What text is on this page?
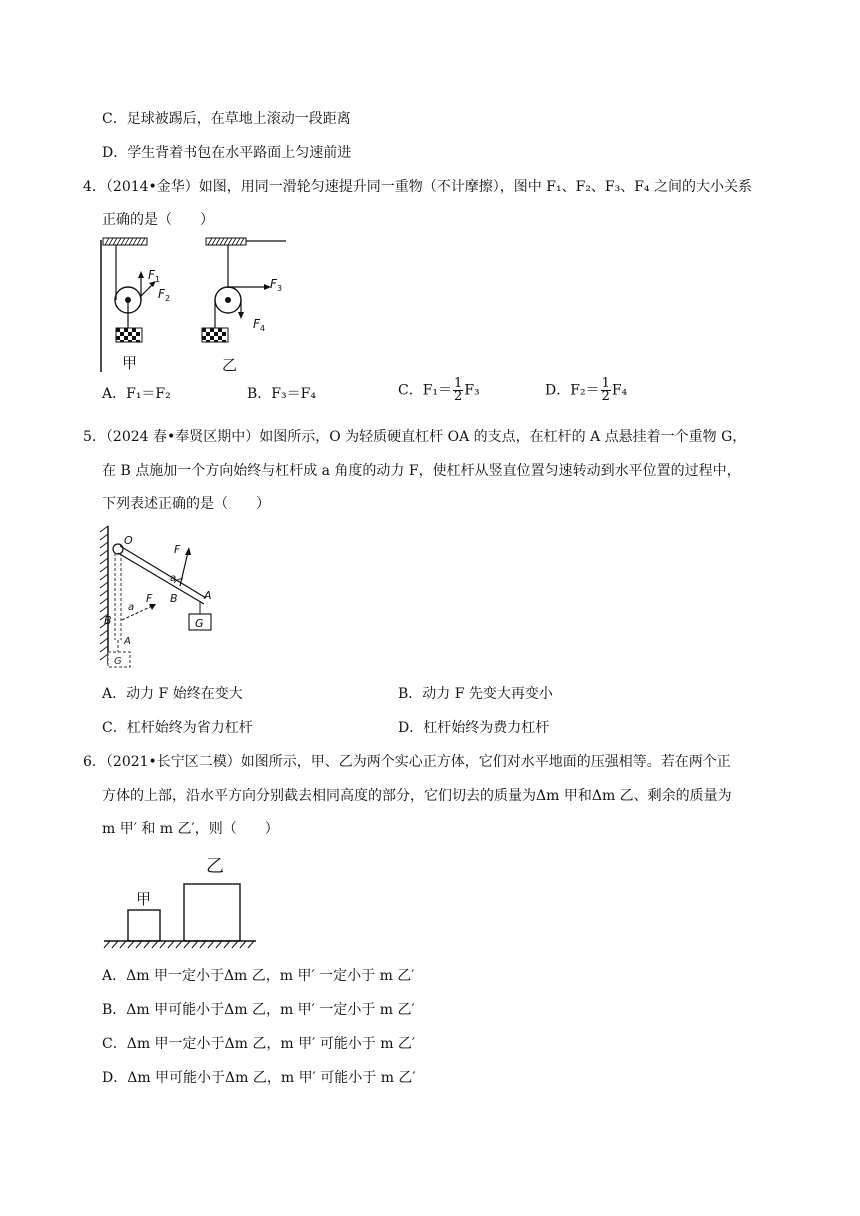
C．足球被踢后，在草地上滚动一段距离
D．学生背着书包在水平路面上匀速前进
4．（2014•金华）如图，用同一滑轮匀速提升同一重物（不计摩擦），图中 F₁、F₂、F₃、F₄ 之间的大小关系
正确的是（　　）
甲
F 1
F 2
F 3
F 4
乙
A．F₁＝F₂	B．F₃＝F₄	C．$F_1= \frac{1}{2} F_3$	D．$F_2= \frac{1}{2} F_4$
5．（2024 春•奉贤区期中）如图所示，O 为轻质硬直杠杆 OA 的支点，在杠杆的 A 点悬挂着一个重物 G，
在 B 点施加一个方向始终与杠杆成 a 角度的动力 F，使杠杆从竖直位置匀速转动到水平位置的过程中，
下列表述正确的是（　　）
O
F
a
B A
G
G
B
A
F
a
A．动力 F 始终在变大	B．动力 F 先变大再变小
C．杠杆始终为省力杠杆	D．杠杆始终为费力杠杆
6．（2021•长宁区二模）如图所示，甲、乙为两个实心正方体，它们对水平地面的压强相等。若在两个正
方体的上部，沿水平方向分别截去相同高度的部分，它们切去的质量为Δm 甲和Δm 乙、剩余的质量为
m 甲′ 和 m 乙′，则（　　）
乙
甲
A．Δm 甲一定小于Δm 乙，m 甲′ 一定小于 m 乙′
B．Δm 甲可能小于Δm 乙，m 甲′ 一定小于 m 乙′
C．Δm 甲一定小于Δm 乙，m 甲′ 可能小于 m 乙′
D．Δm 甲可能小于Δm 乙，m 甲′ 可能小于 m 乙′
